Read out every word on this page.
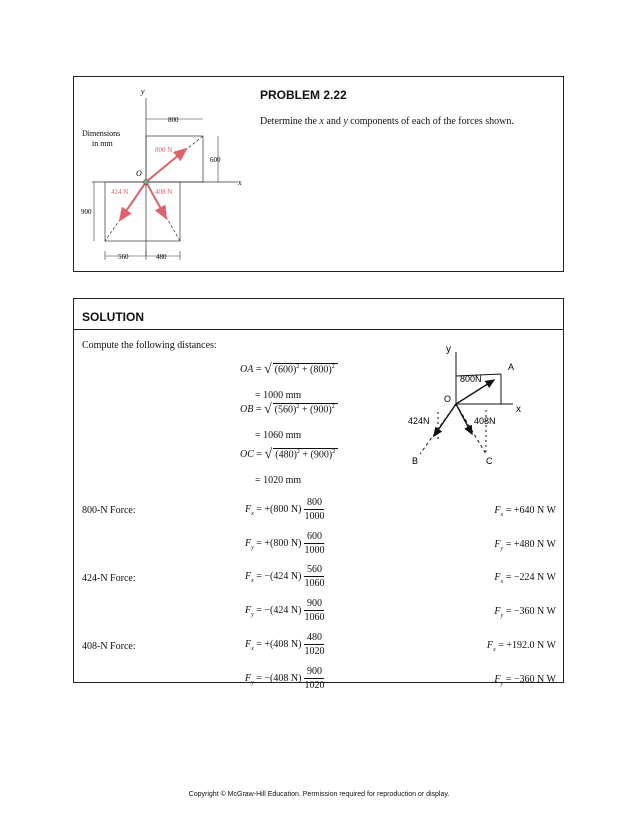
PROBLEM 2.22
Determine the x and y components of each of the forces shown.
y
x
O
Dimensions
in mm
800
600
900
560	480
800 N
424 N	408 N
SOLUTION
Compute the following distances:
OA = √ $(600)^2 + (800)^2$
= 1000 mm
OB = √ $(560)^2 + (900)^2$
= 1060 mm
OC = √ $(480)^2 + (900)^2$
= 1020 mm
y
x
O
A
B	C
800N
424N	408N
800-N Force:	$F_x = +(800$ $N) \frac{800}{1000}$	$F_x = +640$ N W
$F_y = +(800$ $N) \frac{600}{1000}$	$F_y = +480$ N W
424-N Force:	$F_x = -(424$ $N) \frac{560}{1060}$	$F_x = -224$ N W
$F_y = -(424$ $N) \frac{900}{1060}$	$F_y = -360$ N W
408-N Force:	$F_x = +(408$ $N) \frac{480}{1020}$	$F_x = +192.0$ N W
$F_y = -(408$ $N) \frac{900}{1020}$	$F_y = -360$ N W
Copyright © McGraw-Hill Education. Permission required for reproduction or display.
